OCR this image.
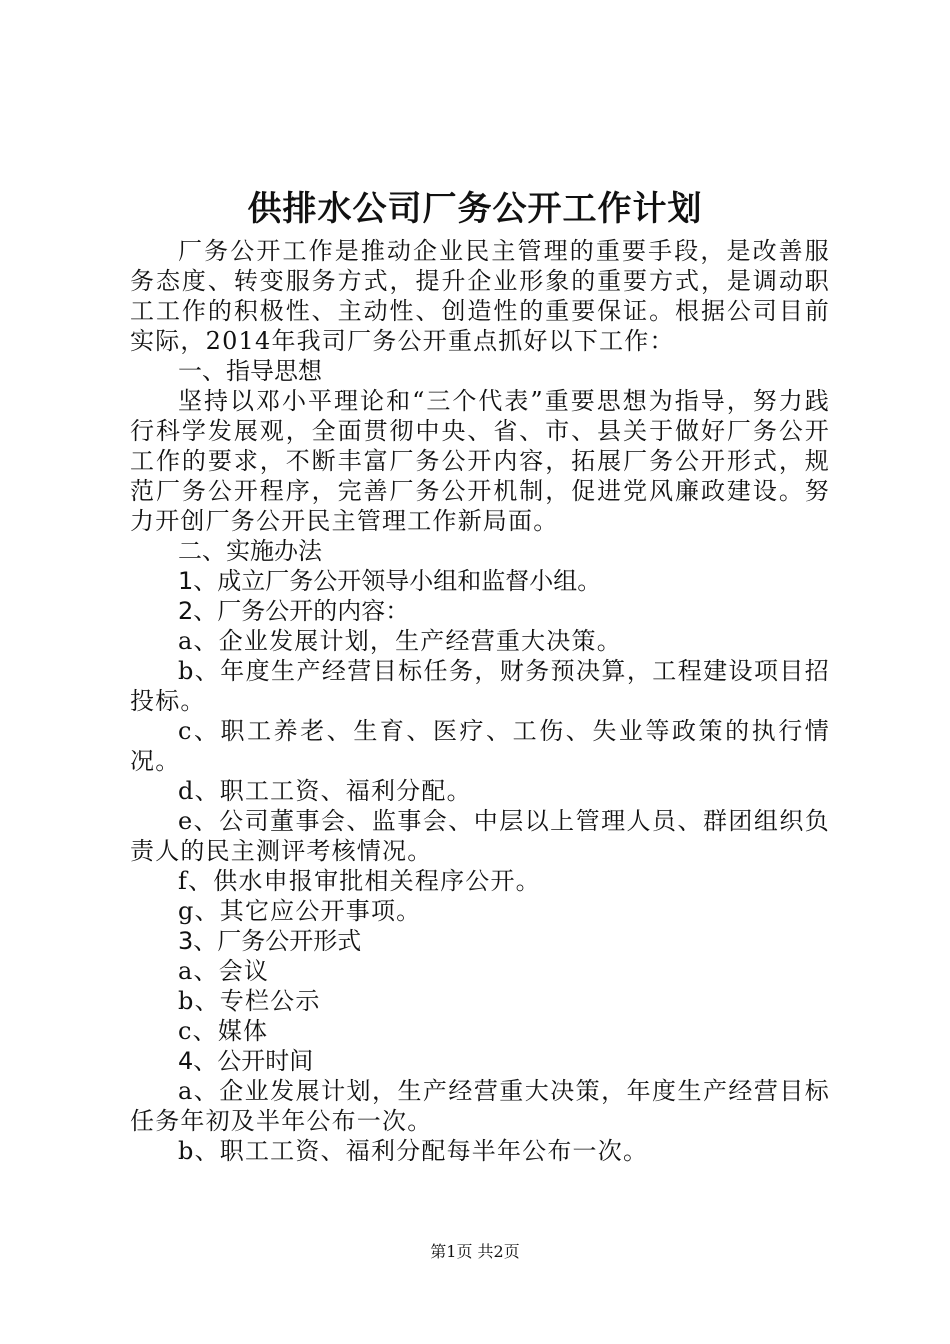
供排水公司厂务公开工作计划

厂务公开工作是推动企业民主管理的重要手段，是改善服务态度、转变服务方式，提升企业形象的重要方式，是调动职工工作的积极性、主动性、创造性的重要保证。根据公司目前实际，2014年我司厂务公开重点抓好以下工作：

一、指导思想

坚持以邓小平理论和“三个代表”重要思想为指导，努力践行科学发展观，全面贯彻中央、省、市、县关于做好厂务公开工作的要求，不断丰富厂务公开内容，拓展厂务公开形式，规范厂务公开程序，完善厂务公开机制，促进党风廉政建设。努力开创厂务公开民主管理工作新局面。

二、实施办法

1、成立厂务公开领导小组和监督小组。

2、厂务公开的内容：

a、企业发展计划，生产经营重大决策。

b、年度生产经营目标任务，财务预决算，工程建设项目招投标。

c、职工养老、生育、医疗、工伤、失业等政策的执行情况。

d、职工工资、福利分配。

e、公司董事会、监事会、中层以上管理人员、群团组织负责人的民主测评考核情况。

f、供水申报审批相关程序公开。

g、其它应公开事项。

3、厂务公开形式

a、会议

b、专栏公示

c、媒体

4、公开时间

a、企业发展计划，生产经营重大决策，年度生产经营目标任务年初及半年公布一次。

b、职工工资、福利分配每半年公布一次。

第1页 共2页
